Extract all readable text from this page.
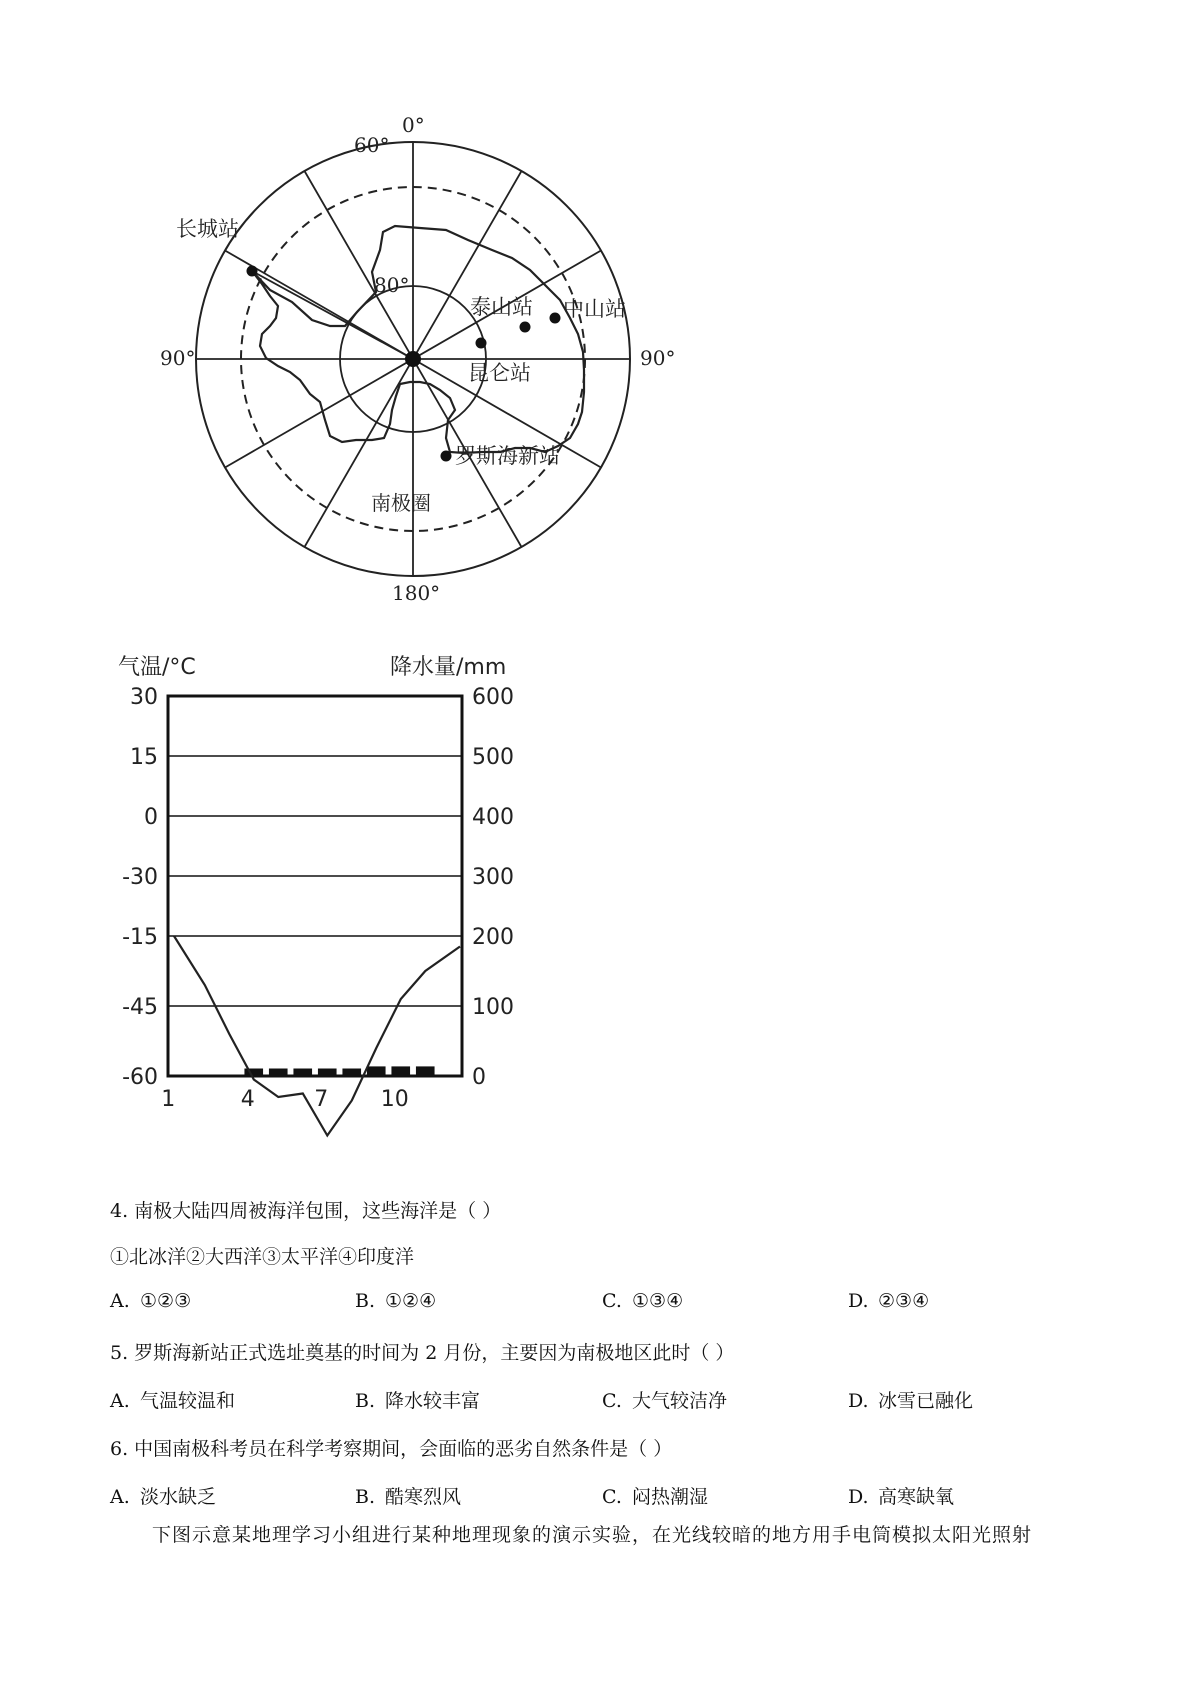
0°
60°
80°
90°	90°
180°
南极圈
长城站
泰山站 中山站
昆仑站
罗斯海新站
30
15
0
-30
-15
-45
-60
600
500
400
300
200
100
0
气温/°C	降水量/mm
1	4	7 10
4. 南极大陆四周被海洋包围，这些海洋是（ ）
①北冰洋②大西洋③太平洋④印度洋
A. ①②③	B. ①②④	C. ①③④	D. ②③④
5. 罗斯海新站正式选址奠基的时间为 2 月份，主要因为南极地区此时（ ）
A. 气温较温和	B. 降水较丰富	C. 大气较洁净	D. 冰雪已融化
6. 中国南极科考员在科学考察期间，会面临的恶劣自然条件是（ ）
A. 淡水缺乏	B. 酷寒烈风	C. 闷热潮湿	D. 高寒缺氧
下图示意某地理学习小组进行某种地理现象的演示实验，在光线较暗的地方用手电筒模拟太阳光照射
